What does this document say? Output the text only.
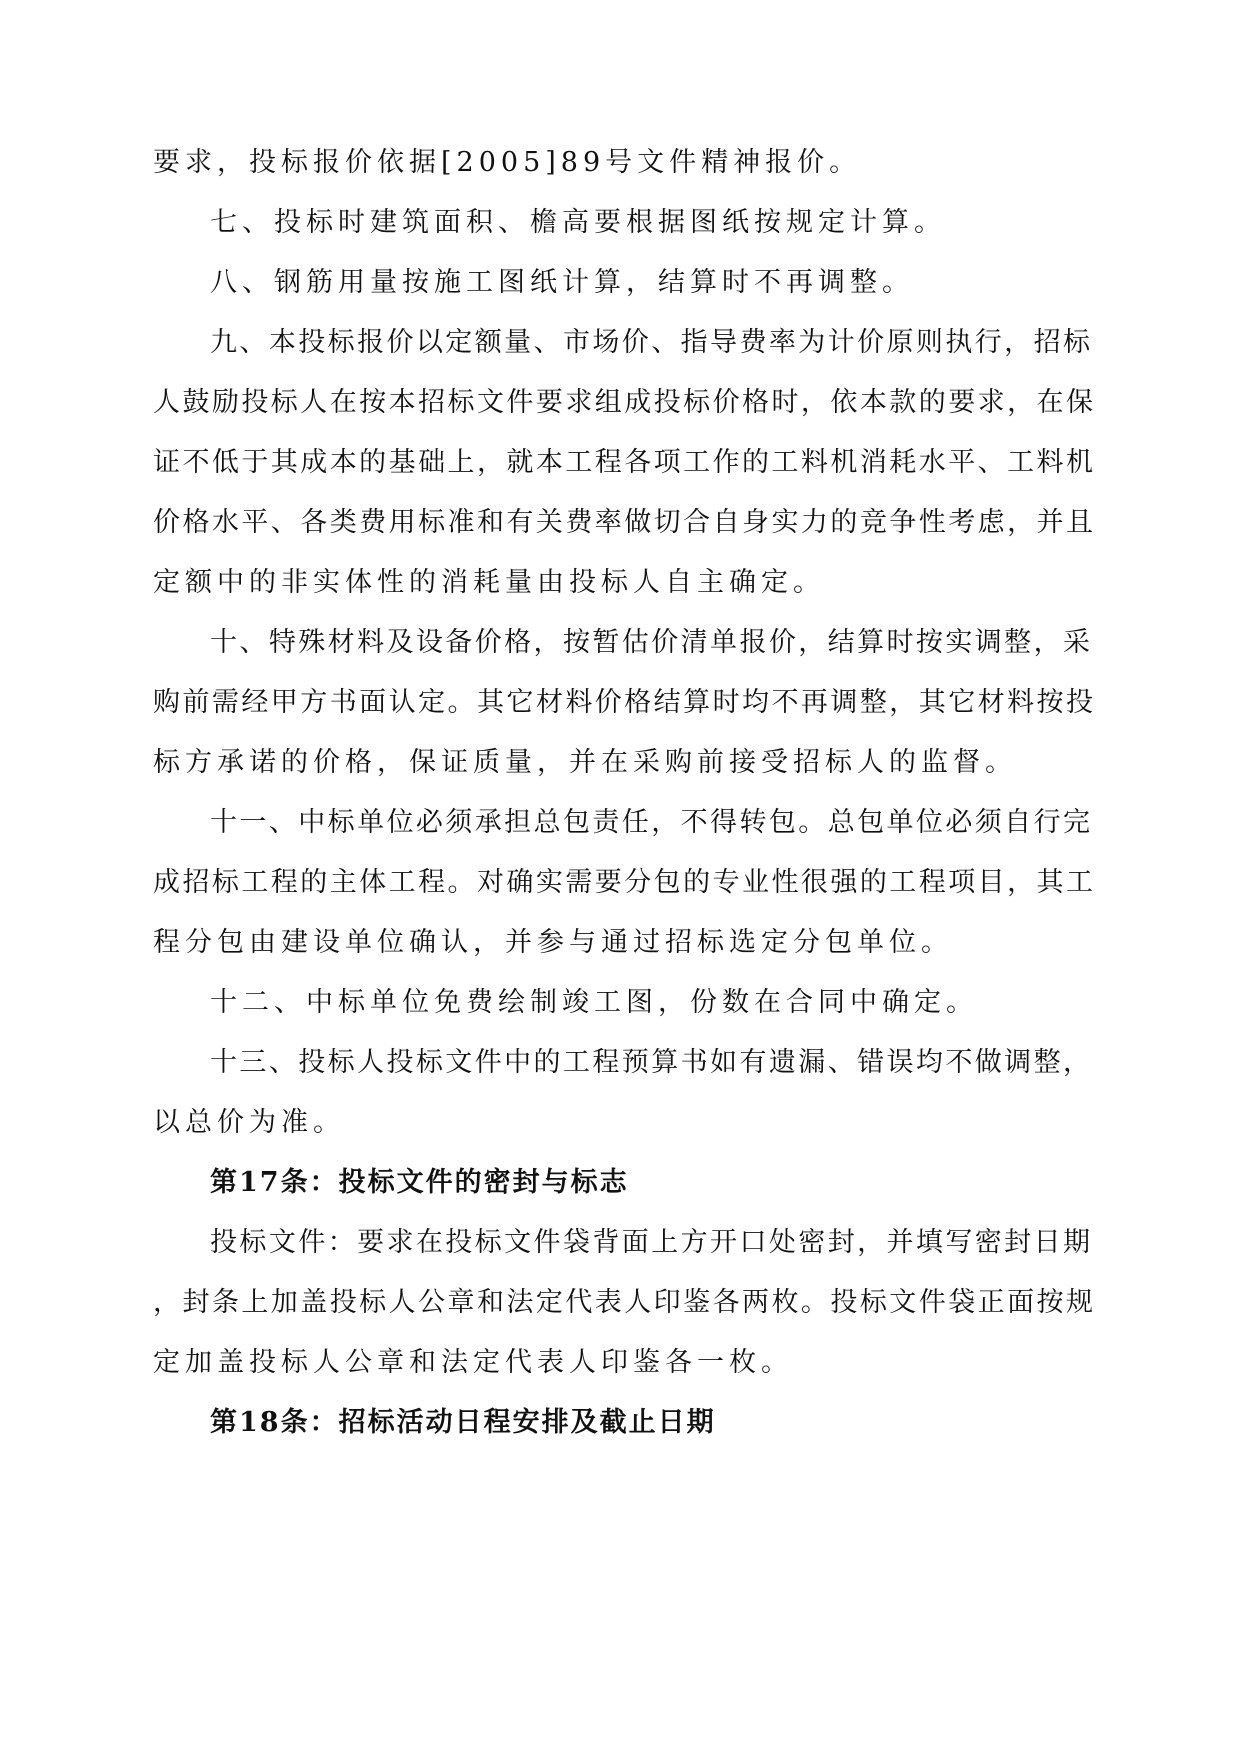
要求，投标报价依据[2005]89号文件精神报价。
七、投标时建筑面积、檐高要根据图纸按规定计算。
八、钢筋用量按施工图纸计算，结算时不再调整。
九、本投标报价以定额量、市场价、指导费率为计价原则执行，招标
人鼓励投标人在按本招标文件要求组成投标价格时，依本款的要求，在保
证不低于其成本的基础上，就本工程各项工作的工料机消耗水平、工料机
价格水平、各类费用标准和有关费率做切合自身实力的竞争性考虑，并且
定额中的非实体性的消耗量由投标人自主确定。
十、特殊材料及设备价格，按暂估价清单报价，结算时按实调整，采
购前需经甲方书面认定。其它材料价格结算时均不再调整，其它材料按投
标方承诺的价格，保证质量，并在采购前接受招标人的监督。
十一、中标单位必须承担总包责任，不得转包。总包单位必须自行完
成招标工程的主体工程。对确实需要分包的专业性很强的工程项目，其工
程分包由建设单位确认，并参与通过招标选定分包单位。
十二、中标单位免费绘制竣工图，份数在合同中确定。
十三、投标人投标文件中的工程预算书如有遗漏、错误均不做调整，
以总价为准。
第17条：投标文件的密封与标志
投标文件：要求在投标文件袋背面上方开口处密封，并填写密封日期
，封条上加盖投标人公章和法定代表人印鉴各两枚。投标文件袋正面按规
定加盖投标人公章和法定代表人印鉴各一枚。
第18条：招标活动日程安排及截止日期
